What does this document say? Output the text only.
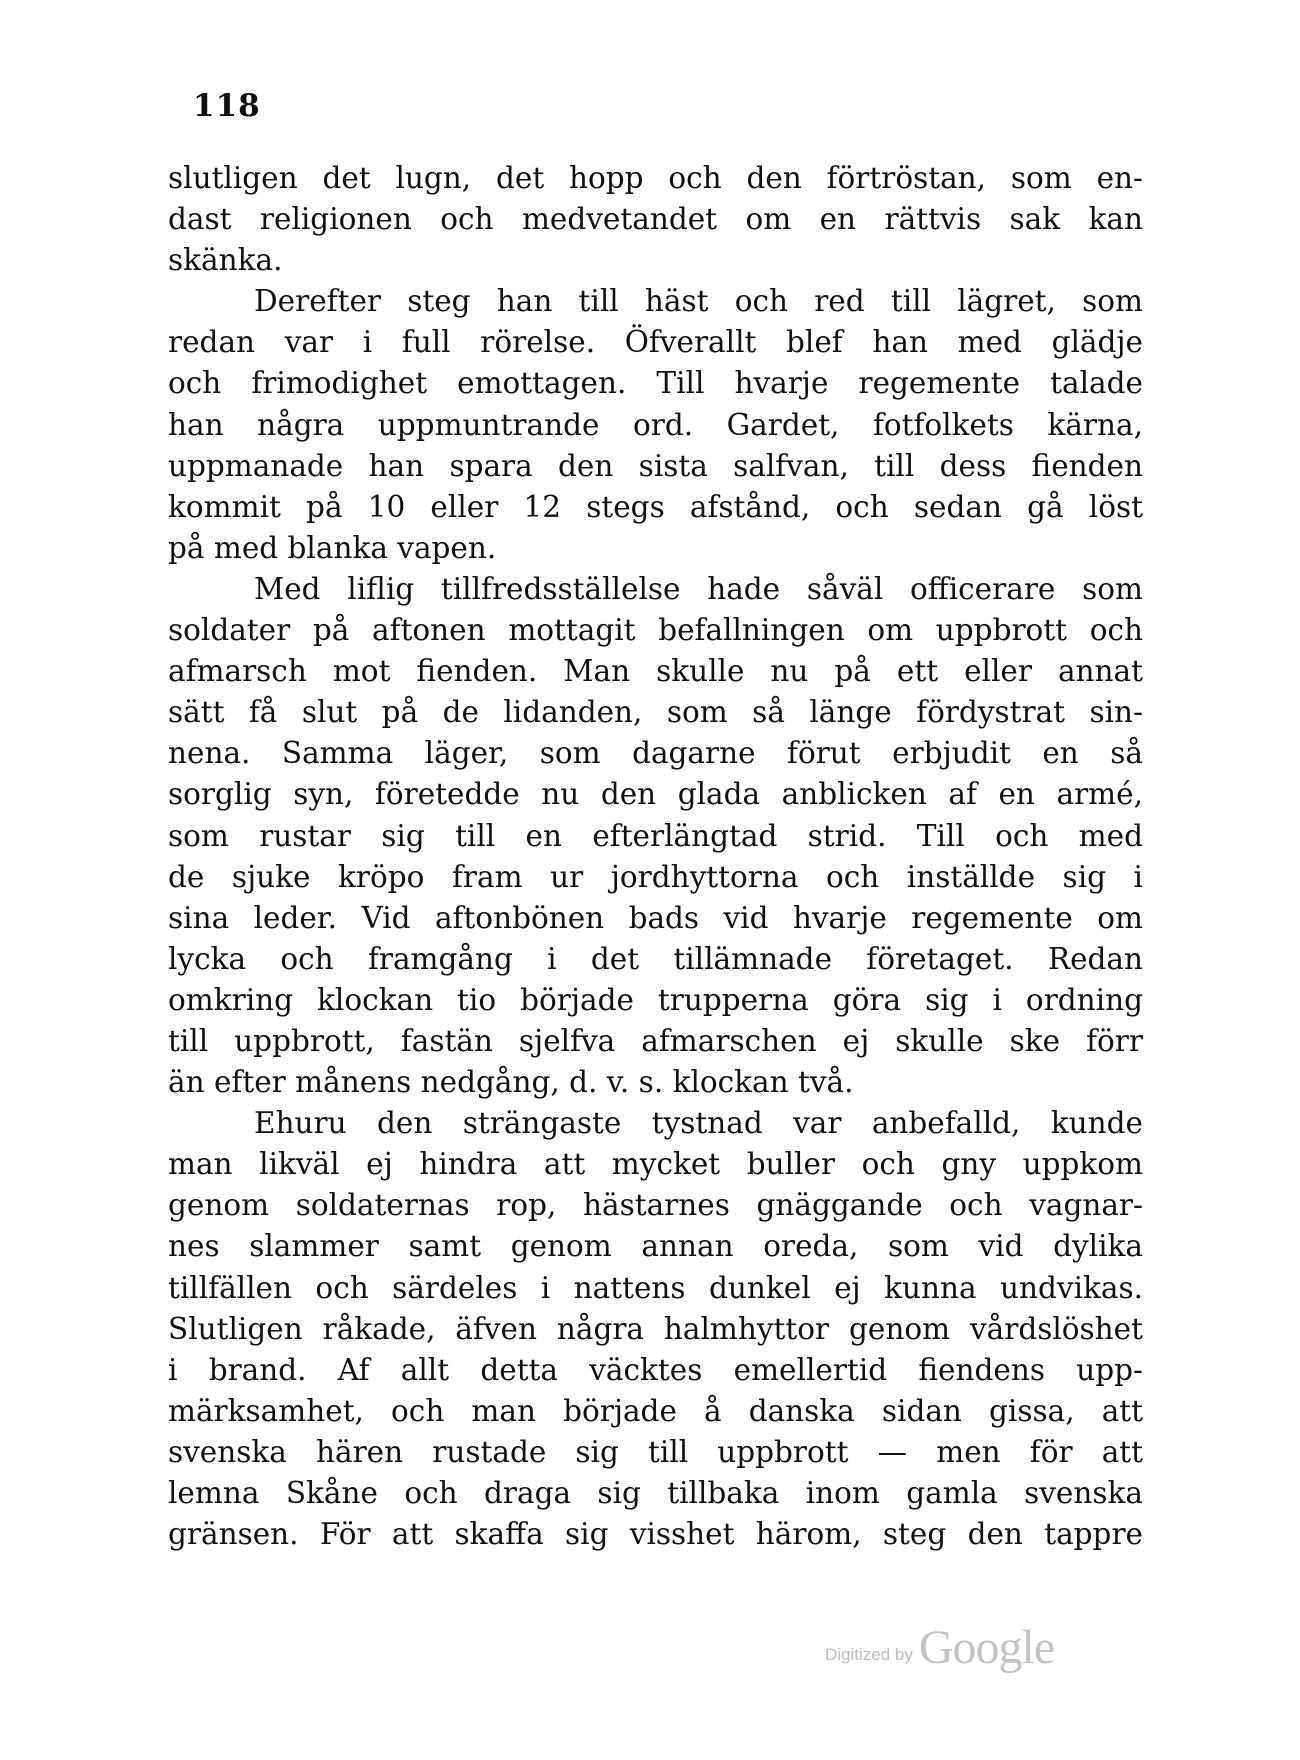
118

slutligen det lugn, det hopp och den förtröstan, som en-
dast religionen och medvetandet om en rättvis sak kan
skänka.
Derefter steg han till häst och red till lägret, som
redan var i full rörelse. Öfverallt blef han med glädje
och frimodighet emottagen. Till hvarje regemente talade
han några uppmuntrande ord. Gardet, fotfolkets kärna,
uppmanade han spara den sista salfvan, till dess fienden
kommit på 10 eller 12 stegs afstånd, och sedan gå löst
på med blanka vapen.
Med liflig tillfredsställelse hade såväl officerare som
soldater på aftonen mottagit befallningen om uppbrott och
afmarsch mot fienden. Man skulle nu på ett eller annat
sätt få slut på de lidanden, som så länge fördystrat sin-
nena. Samma läger, som dagarne förut erbjudit en så
sorglig syn, företedde nu den glada anblicken af en armé,
som rustar sig till en efterlängtad strid. Till och med
de sjuke kröpo fram ur jordhyttorna och inställde sig i
sina leder. Vid aftonbönen bads vid hvarje regemente om
lycka och framgång i det tillämnade företaget. Redan
omkring klockan tio började trupperna göra sig i ordning
till uppbrott, fastän sjelfva afmarschen ej skulle ske förr
än efter månens nedgång, d. v. s. klockan två.
Ehuru den strängaste tystnad var anbefalld, kunde
man likväl ej hindra att mycket buller och gny uppkom
genom soldaternas rop, hästarnes gnäggande och vagnar-
nes slammer samt genom annan oreda, som vid dylika
tillfällen och särdeles i nattens dunkel ej kunna undvikas.
Slutligen råkade, äfven några halmhyttor genom vårdslöshet
i brand. Af allt detta väcktes emellertid fiendens upp-
märksamhet, och man började å danska sidan gissa, att
svenska hären rustade sig till uppbrott — men för att
lemna Skåne och draga sig tillbaka inom gamla svenska
gränsen. För att skaffa sig visshet härom, steg den tappre
Digitized by Google
